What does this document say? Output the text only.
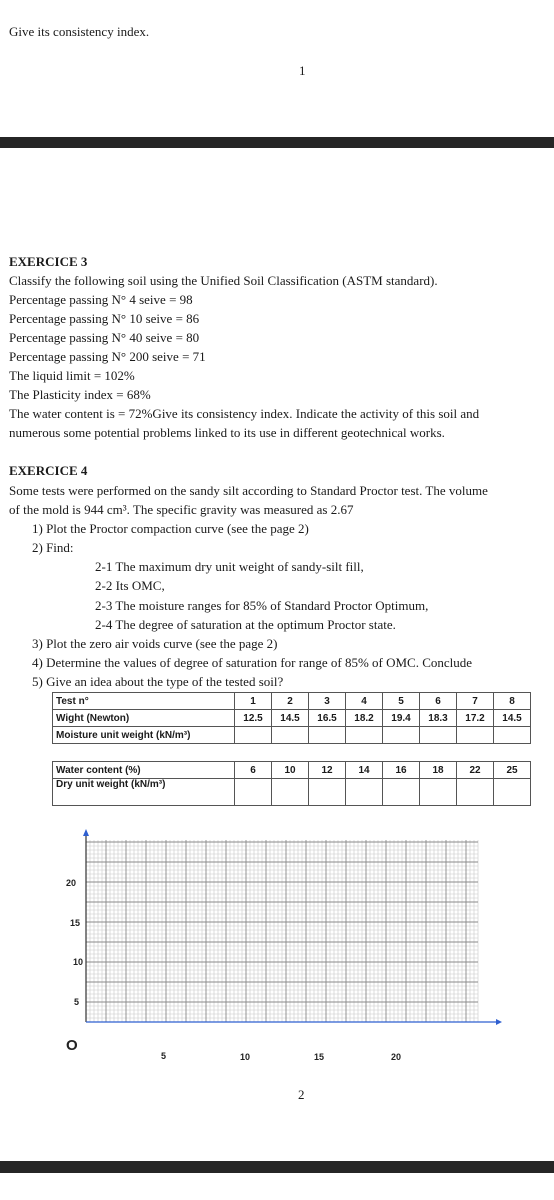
Give its consistency index.
1
EXERCICE 3
Classify the following soil using the Unified Soil Classification (ASTM standard).
Percentage passing N° 4 seive = 98
Percentage passing N° 10 seive = 86
Percentage passing N° 40 seive = 80
Percentage passing N° 200 seive = 71
The liquid limit = 102%
The Plasticity index = 68%
The water content is = 72%Give its consistency index. Indicate the activity of this soil and
numerous some potential problems linked to its use in different geotechnical works.
EXERCICE 4
Some tests were performed on the sandy silt according to Standard Proctor test. The volume
of the mold is 944 cm³. The specific gravity was measured as 2.67
1) Plot the Proctor compaction curve (see the page 2)
2) Find:
2-1 The maximum dry unit weight of sandy-silt fill,
2-2 Its OMC,
2-3 The moisture ranges for 85% of Standard Proctor Optimum,
2-4 The degree of saturation at the optimum Proctor state.
3) Plot the zero air voids curve (see the page 2)
4) Determine the values of degree of saturation for range of 85% of OMC. Conclude
5) Give an idea about the type of the tested soil?
Test n°	1	2	3	4	5	6	7	8
Wight (Newton)	12.5	14.5	16.5	18.2	19.4	18.3	17.2	14.5
Moisture unit weight (kN/m³)								
Water content (%)	6	10	12	14	16	18	22	25
Dry unit weight (kN/m³)								
20
15
10
5
O
5	10	15	20
2
